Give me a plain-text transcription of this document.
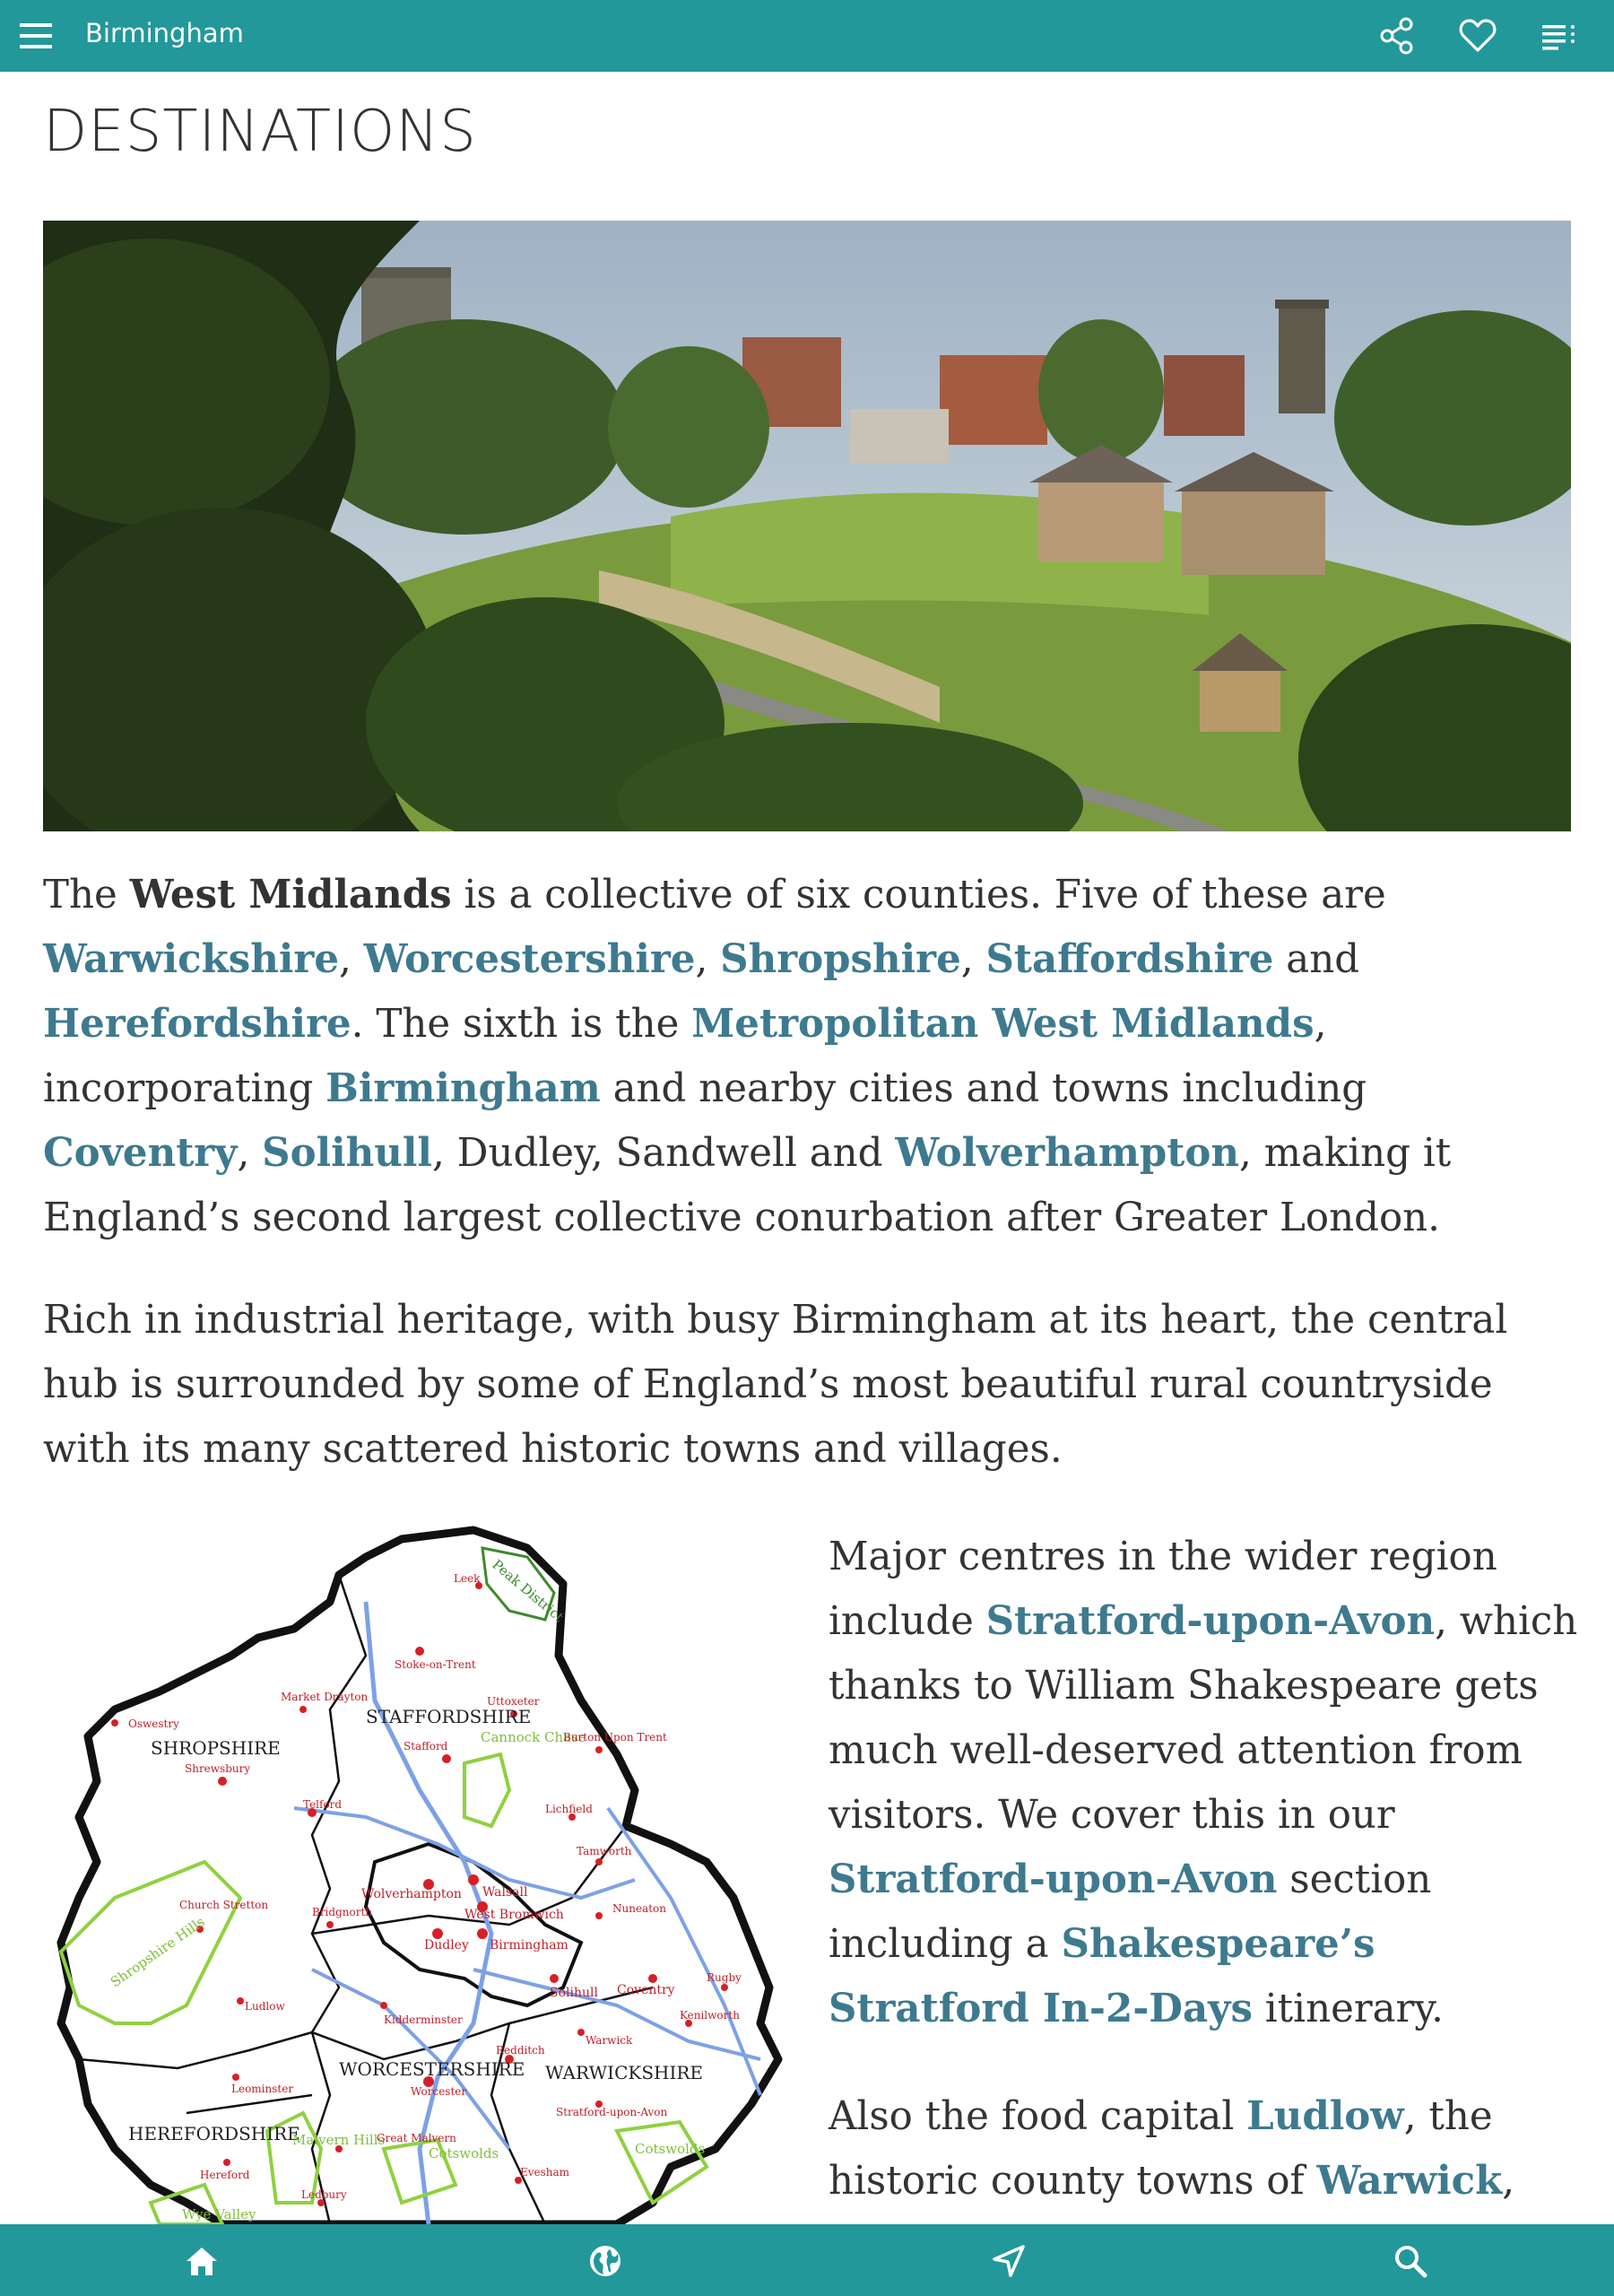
Birmingham
DESTINATIONS

The West Midlands is a collective of six counties. Five of these are Warwickshire, Worcestershire, Shropshire, Staffordshire and Herefordshire. The sixth is the Metropolitan West Midlands, incorporating Birmingham and nearby cities and towns including Coventry, Solihull, Dudley, Sandwell and Wolverhampton, making it England’s second largest collective conurbation after Greater London.

Rich in industrial heritage, with busy Birmingham at its heart, the central hub is surrounded by some of England’s most beautiful rural countryside with its many scattered historic towns and villages.

STAFFORDSHIRE
SHROPSHIRE
WORCESTERSHIRE WARWICKSHIRE
HEREFORDSHIRE
Peak District
Cannock Chase
Shropshire Hills
Malvern Hills
Cotswolds	Cotswolds
Wye Valley
Leek
Stoke-on-Trent
Market Drayton
Oswestry
Uttoxeter
Burton Upon Trent
Stafford
Shrewsbury
Telford	Lichfield
Tamworth
Wolverhampton Walsall
West Bromwich
Church Stretton
Bridgnorth
Dudley Birmingham
Nuneaton
Solihull Coventry
Rugby
Ludlow
Kidderminster	Kenilworth
Warwick
Redditch
Leominster	Worcester
Stratford-upon-Avon
Hereford
Great Malvern
Ledbury
Evesham

Major centres in the wider region include Stratford-upon-Avon, which thanks to William Shakespeare gets much well-deserved attention from visitors. We cover this in our Stratford-upon-Avon section including a Shakespeare’s Stratford In-2-Days itinerary.

Also the food capital Ludlow, the historic county towns of Warwick,
